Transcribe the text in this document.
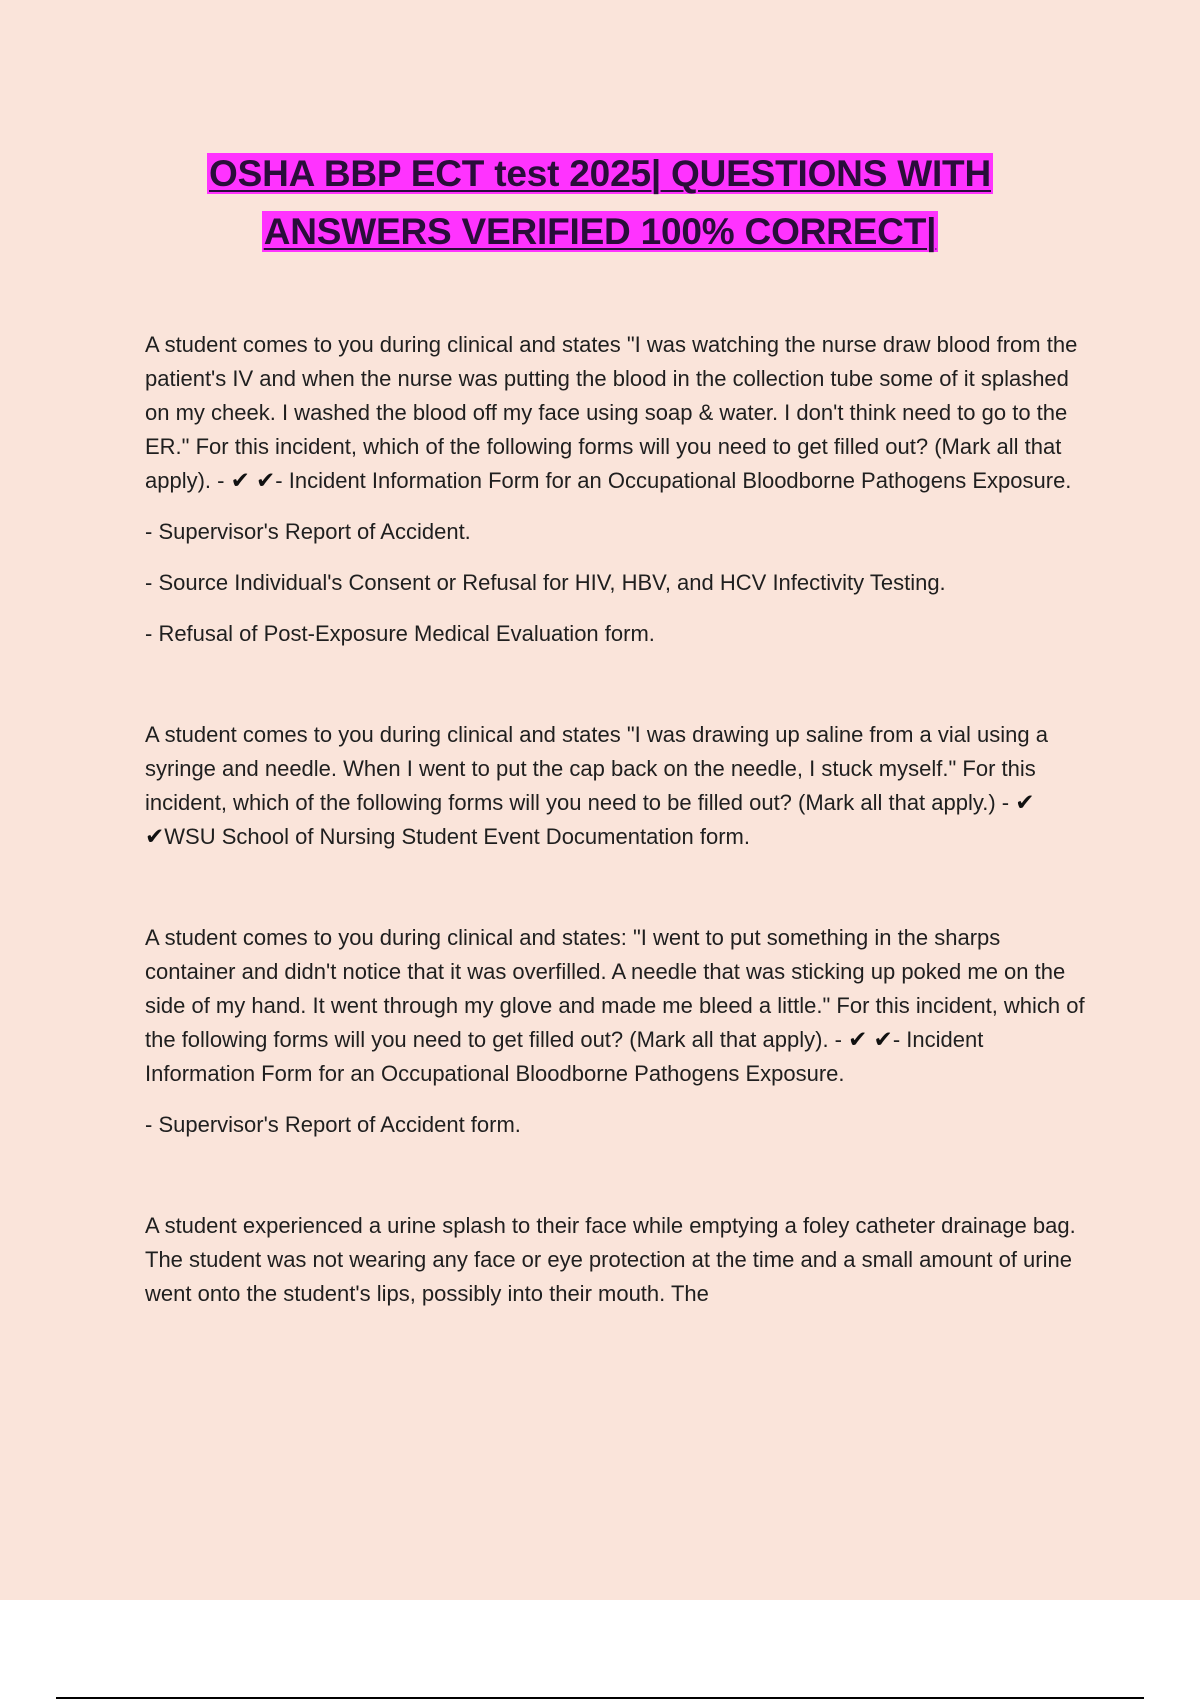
OSHA BBP ECT test 2025| QUESTIONS WITH
ANSWERS VERIFIED 100% CORRECT|

A student comes to you during clinical and states "I was watching the nurse draw blood from the patient's IV and when the nurse was putting the blood in the collection tube some of it splashed on my cheek. I washed the blood off my face using soap & water. I don't think need to go to the ER." For this incident, which of the following forms will you need to get filled out? (Mark all that apply). - ✔ ✔- Incident Information Form for an Occupational Bloodborne Pathogens Exposure.

- Supervisor's Report of Accident.

- Source Individual's Consent or Refusal for HIV, HBV, and HCV Infectivity Testing.

- Refusal of Post-Exposure Medical Evaluation form.

A student comes to you during clinical and states "I was drawing up saline from a vial using a syringe and needle. When I went to put the cap back on the needle, I stuck myself." For this incident, which of the following forms will you need to be filled out? (Mark all that apply.) - ✔ ✔WSU School of Nursing Student Event Documentation form.

A student comes to you during clinical and states: "I went to put something in the sharps container and didn't notice that it was overfilled. A needle that was sticking up poked me on the side of my hand. It went through my glove and made me bleed a little." For this incident, which of the following forms will you need to get filled out? (Mark all that apply). - ✔ ✔- Incident Information Form for an Occupational Bloodborne Pathogens Exposure.

- Supervisor's Report of Accident form.

A student experienced a urine splash to their face while emptying a foley catheter drainage bag. The student was not wearing any face or eye protection at the time and a small amount of urine went onto the student's lips, possibly into their mouth. The
